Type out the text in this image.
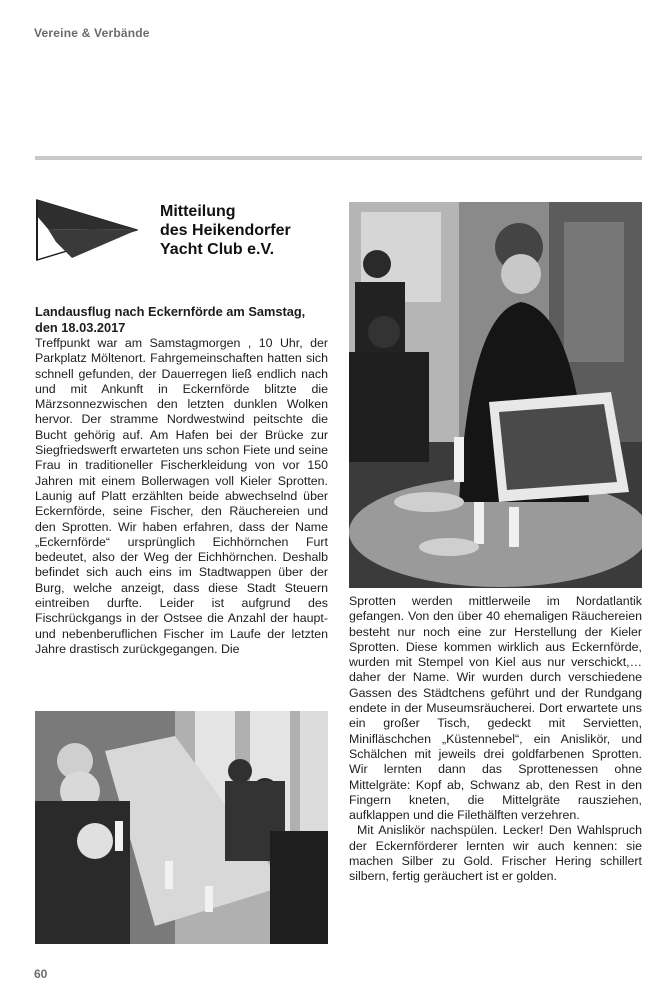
Vereine & Verbände
Mitteilung
des Heikendorfer
Yacht Club e.V.
Landausflug nach Eckernförde am Samstag, den 18.03.2017

Treffpunkt war am Samstagmorgen , 10 Uhr, der Parkplatz Möltenort. Fahrgemeinschaften hatten sich schnell gefunden, der Dauerregen ließ endlich nach und mit Ankunft in Eckernförde blitzte die Märzsonnezwischen den letzten dunklen Wolken hervor. Der stramme Nordwestwind peitschte die Bucht gehörig auf. Am Hafen bei der Brücke zur Siegfriedswerft erwarteten uns schon Fiete und seine Frau in traditioneller Fischerkleidung von vor 150 Jahren mit einem Bollerwagen voll Kieler Sprotten. Launig auf Platt erzählten beide abwechselnd über Eckernförde, seine Fischer, den Räuchereien und den Sprotten. Wir haben erfahren, dass der Name „Eckernförde“ ursprünglich Eichhörnchen Furt bedeutet, also der Weg der Eichhörnchen. Deshalb befindet sich auch eins im Stadtwappen über der Burg, welche anzeigt, dass diese Stadt Steuern eintreiben durfte. Leider ist aufgrund des Fischrückgangs in der Ostsee die Anzahl der haupt- und nebenberuflichen Fischer im Laufe der letzten Jahre drastisch zurückgegangen. Die

Sprotten werden mittlerweile im Nordatlantik gefangen. Von den über 40 ehemaligen Räuchereien besteht nur noch eine zur Herstellung der Kieler Sprotten. Diese kommen wirklich aus Eckernförde, wurden mit Stempel von Kiel aus nur verschickt,… daher der Name. Wir wurden durch verschiedene Gassen des Städtchens geführt und der Rundgang endete in der Museumsräucherei. Dort erwartete uns ein großer Tisch, gedeckt mit Servietten, Minifläschchen „Küstennebel“, ein Anislikör, und Schälchen mit jeweils drei goldfarbenen Sprotten. Wir lernten dann das Sprottenessen ohne Mittelgräte: Kopf ab, Schwanz ab, den Rest in den Fingern kneten, die Mittelgräte rausziehen, aufklappen und die Filethälften verzehren.

Mit Anislikör nachspülen. Lecker! Den Wahlspruch der Eckernförderer lernten wir auch kennen: sie machen Silber zu Gold. Frischer Hering schillert silbern, fertig geräuchert ist er golden.

60
